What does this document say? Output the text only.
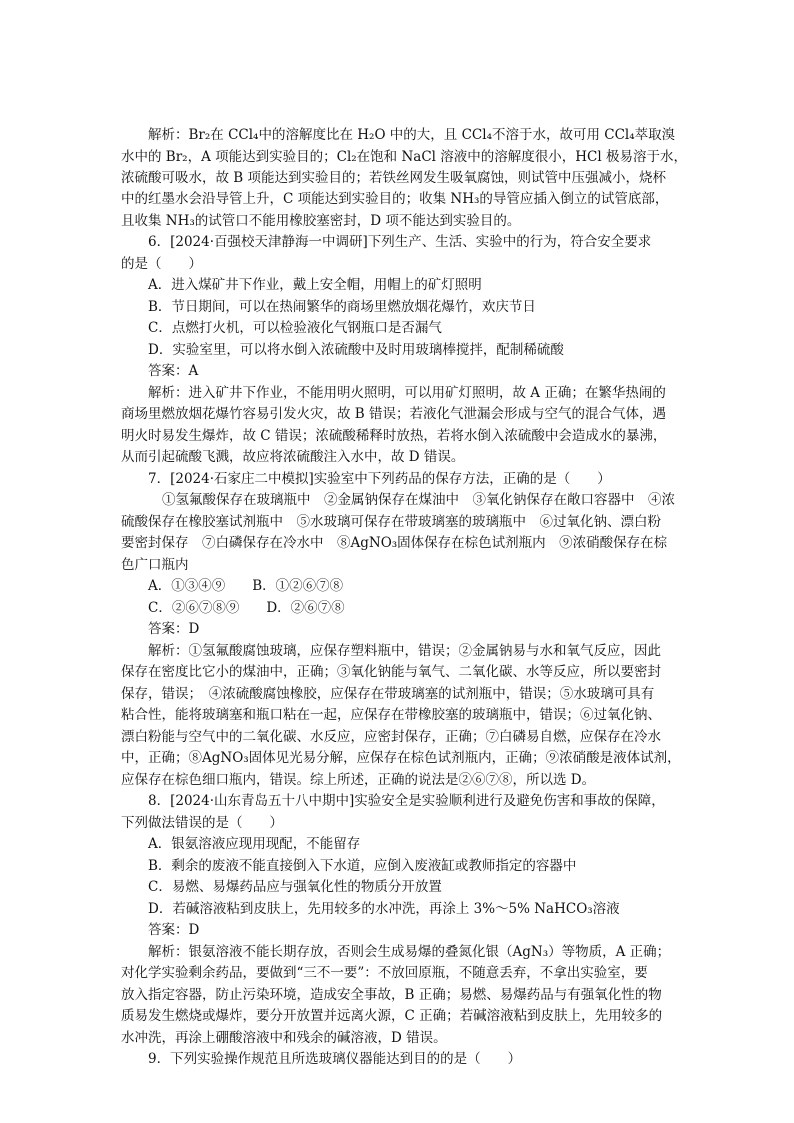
解析：Br₂在 CCl₄中的溶解度比在 H₂O 中的大，且 CCl₄不溶于水，故可用 CCl₄萃取溴
水中的 Br₂，A 项能达到实验目的；Cl₂在饱和 NaCl 溶液中的溶解度很小，HCl 极易溶于水，
浓硫酸可吸水，故 B 项能达到实验目的；若铁丝网发生吸氧腐蚀，则试管中压强减小，烧杯
中的红墨水会沿导管上升，C 项能达到实验目的；收集 NH₃的导管应插入倒立的试管底部，
且收集 NH₃的试管口不能用橡胶塞密封，D 项不能达到实验目的。
6．[2024·百强校天津静海一中调研]下列生产、生活、实验中的行为，符合安全要求
的是（　　）
A．进入煤矿井下作业，戴上安全帽，用帽上的矿灯照明
B．节日期间，可以在热闹繁华的商场里燃放烟花爆竹，欢庆节日
C．点燃打火机，可以检验液化气钢瓶口是否漏气
D．实验室里，可以将水倒入浓硫酸中及时用玻璃棒搅拌，配制稀硫酸
答案：A
解析：进入矿井下作业，不能用明火照明，可以用矿灯照明，故 A 正确；在繁华热闹的
商场里燃放烟花爆竹容易引发火灾，故 B 错误；若液化气泄漏会形成与空气的混合气体，遇
明火时易发生爆炸，故 C 错误；浓硫酸稀释时放热，若将水倒入浓硫酸中会造成水的暴沸，
从而引起硫酸飞溅，故应将浓硫酸注入水中，故 D 错误。
7．[2024·石家庄二中模拟]实验室中下列药品的保存方法，正确的是（　　）
①氢氟酸保存在玻璃瓶中　②金属钠保存在煤油中　③氧化钠保存在敞口容器中　④浓
硫酸保存在橡胶塞试剂瓶中　⑤水玻璃可保存在带玻璃塞的玻璃瓶中　⑥过氧化钠、漂白粉
要密封保存　⑦白磷保存在冷水中　⑧AgNO₃固体保存在棕色试剂瓶内　⑨浓硝酸保存在棕
色广口瓶内
A．①③④⑨　　B．①②⑥⑦⑧
C．②⑥⑦⑧⑨　　D．②⑥⑦⑧
答案：D
解析：①氢氟酸腐蚀玻璃，应保存塑料瓶中，错误；②金属钠易与水和氧气反应，因此
保存在密度比它小的煤油中，正确；③氧化钠能与氧气、二氧化碳、水等反应，所以要密封
保存，错误；　④浓硫酸腐蚀橡胶，应保存在带玻璃塞的试剂瓶中，错误；⑤水玻璃可具有
粘合性，能将玻璃塞和瓶口粘在一起，应保存在带橡胶塞的玻璃瓶中，错误；⑥过氧化钠、
漂白粉能与空气中的二氧化碳、水反应，应密封保存，正确；⑦白磷易自燃，应保存在冷水
中，正确；⑧AgNO₃固体见光易分解，应保存在棕色试剂瓶内，正确；⑨浓硝酸是液体试剂，
应保存在棕色细口瓶内，错误。综上所述，正确的说法是②⑥⑦⑧，所以选 D。
8．[2024·山东青岛五十八中期中]实验安全是实验顺利进行及避免伤害和事故的保障，
下列做法错误的是（　　）
A．银氨溶液应现用现配，不能留存
B．剩余的废液不能直接倒入下水道，应倒入废液缸或教师指定的容器中
C．易燃、易爆药品应与强氧化性的物质分开放置
D．若碱溶液粘到皮肤上，先用较多的水冲洗，再涂上 3%～5% NaHCO₃溶液
答案：D
解析：银氨溶液不能长期存放，否则会生成易爆的叠氮化银（AgN₃）等物质，A 正确；
对化学实验剩余药品，要做到“三不一要”：不放回原瓶，不随意丢弃，不拿出实验室，要
放入指定容器，防止污染环境，造成安全事故，B 正确；易燃、易爆药品与有强氧化性的物
质易发生燃烧或爆炸，要分开放置并远离火源，C 正确；若碱溶液粘到皮肤上，先用较多的
水冲洗，再涂上硼酸溶液中和残余的碱溶液，D 错误。
9．下列实验操作规范且所选玻璃仪器能达到目的的是（　　）
